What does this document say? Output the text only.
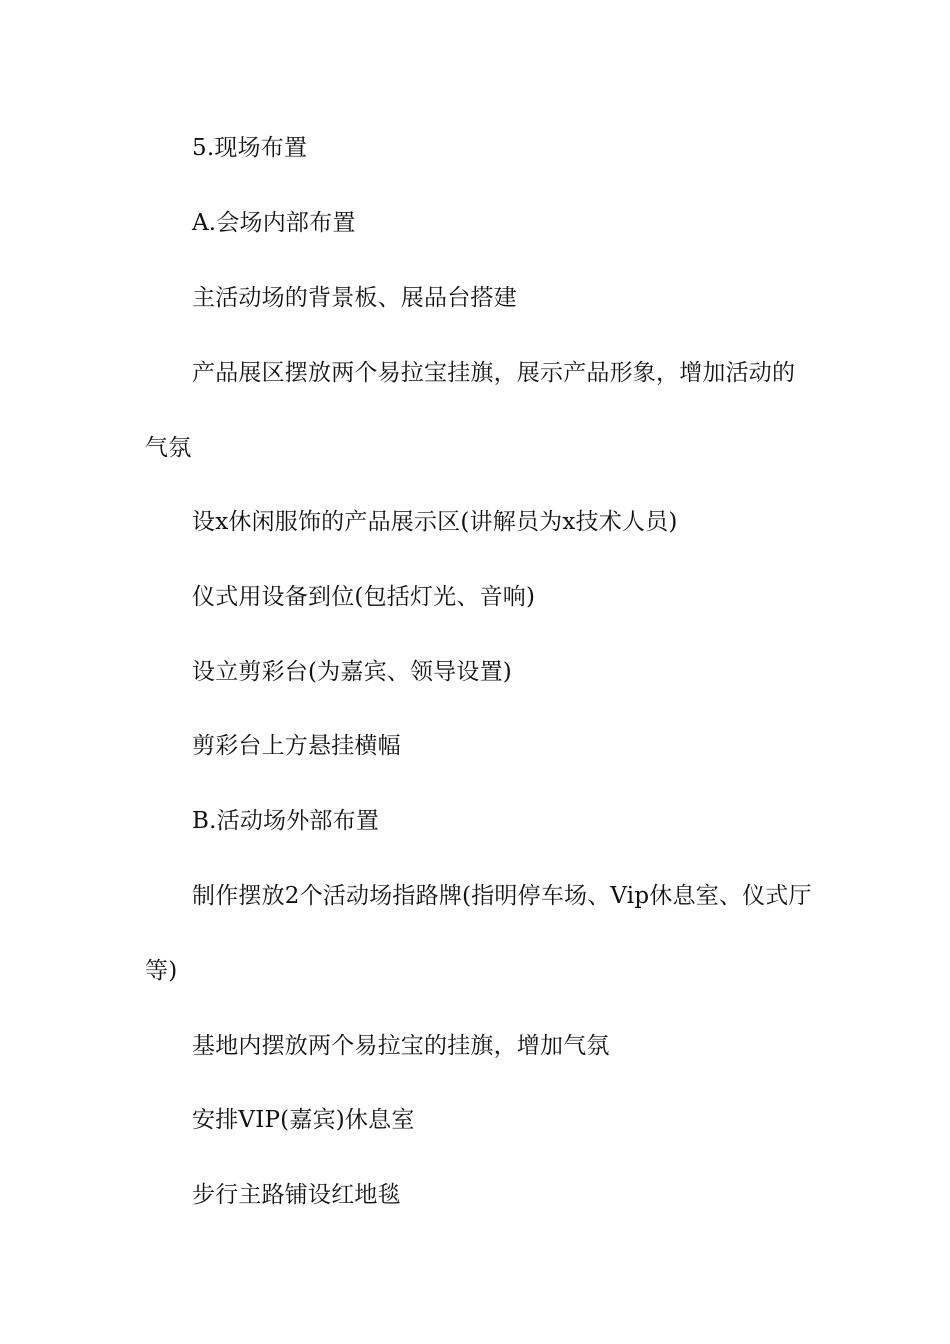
5.现场布置

A.会场内部布置

主活动场的背景板、展品台搭建

产品展区摆放两个易拉宝挂旗，展示产品形象，增加活动的气氛

设x休闲服饰的产品展示区(讲解员为x技术人员)

仪式用设备到位(包括灯光、音响)

设立剪彩台(为嘉宾、领导设置)

剪彩台上方悬挂横幅

B.活动场外部布置

制作摆放2个活动场指路牌(指明停车场、Vip休息室、仪式厅等)

基地内摆放两个易拉宝的挂旗，增加气氛

安排VIP(嘉宾)休息室

步行主路铺设红地毯
